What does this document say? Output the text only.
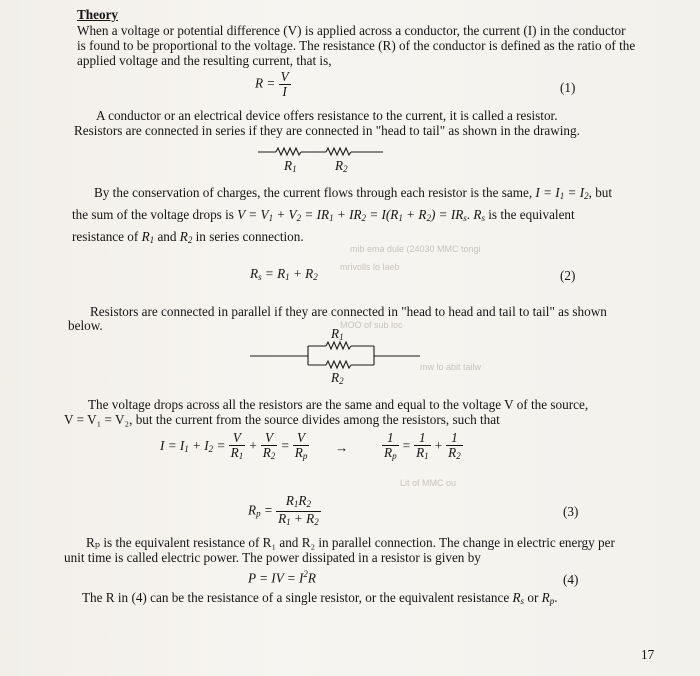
mib ema dule (24030 MMC tongi
mrivolls lo laeb
MOO of sub loc
mw lo abit tailw
Lit of MMC ou
Theory
When a voltage or potential difference (V) is applied across a conductor, the current (I) in the conductor
is found to be proportional to the voltage. The resistance (R) of the conductor is defined as the ratio of the
applied voltage and the resulting current, that is,
$R = \frac{V}{I}$	(1)
A conductor or an electrical device offers resistance to the current, it is called a resistor.
Resistors are connected in series if they are connected in "head to tail" as shown in the drawing.
$R_1$	$R_2$
By the conservation of charges, the current flows through each resistor is the same, $I = I_1 = I_2$, but
the sum of the voltage drops is $V = V_1 + V_2 = IR_1 + IR_2 = I(R_1 + R_2) = IR_s$. $R_s$ is the equivalent
resistance of $R_1$ and $R_2$ in series connection.
$R_s = R_1 + R_2$	(2)
Resistors are connected in parallel if they are connected in "head to head and tail to tail" as shown
below.
$R_1$
$R_2$
The voltage drops across all the resistors are the same and equal to the voltage V of the source,
V = V₁ = V₂, but the current from the source divides among the resistors, such that
$I = I_1 + I_2 = \frac{V}{R_1} + \frac{V}{R_2} = \frac{V}{R_p}$ →	$\frac{1}{R_p} = \frac{1}{R_1} + \frac{1}{R_2}$
$R_p = \frac{R_1R_2}{R_1 + R_2}$	(3)
Rₚ is the equivalent resistance of R₁ and R₂ in parallel connection. The change in electric energy per
unit time is called electric power. The power dissipated in a resistor is given by
P = IV = $I^2R$	(4)
The R in (4) can be the resistance of a single resistor, or the equivalent resistance $R_s$ or $R_p$.
17
